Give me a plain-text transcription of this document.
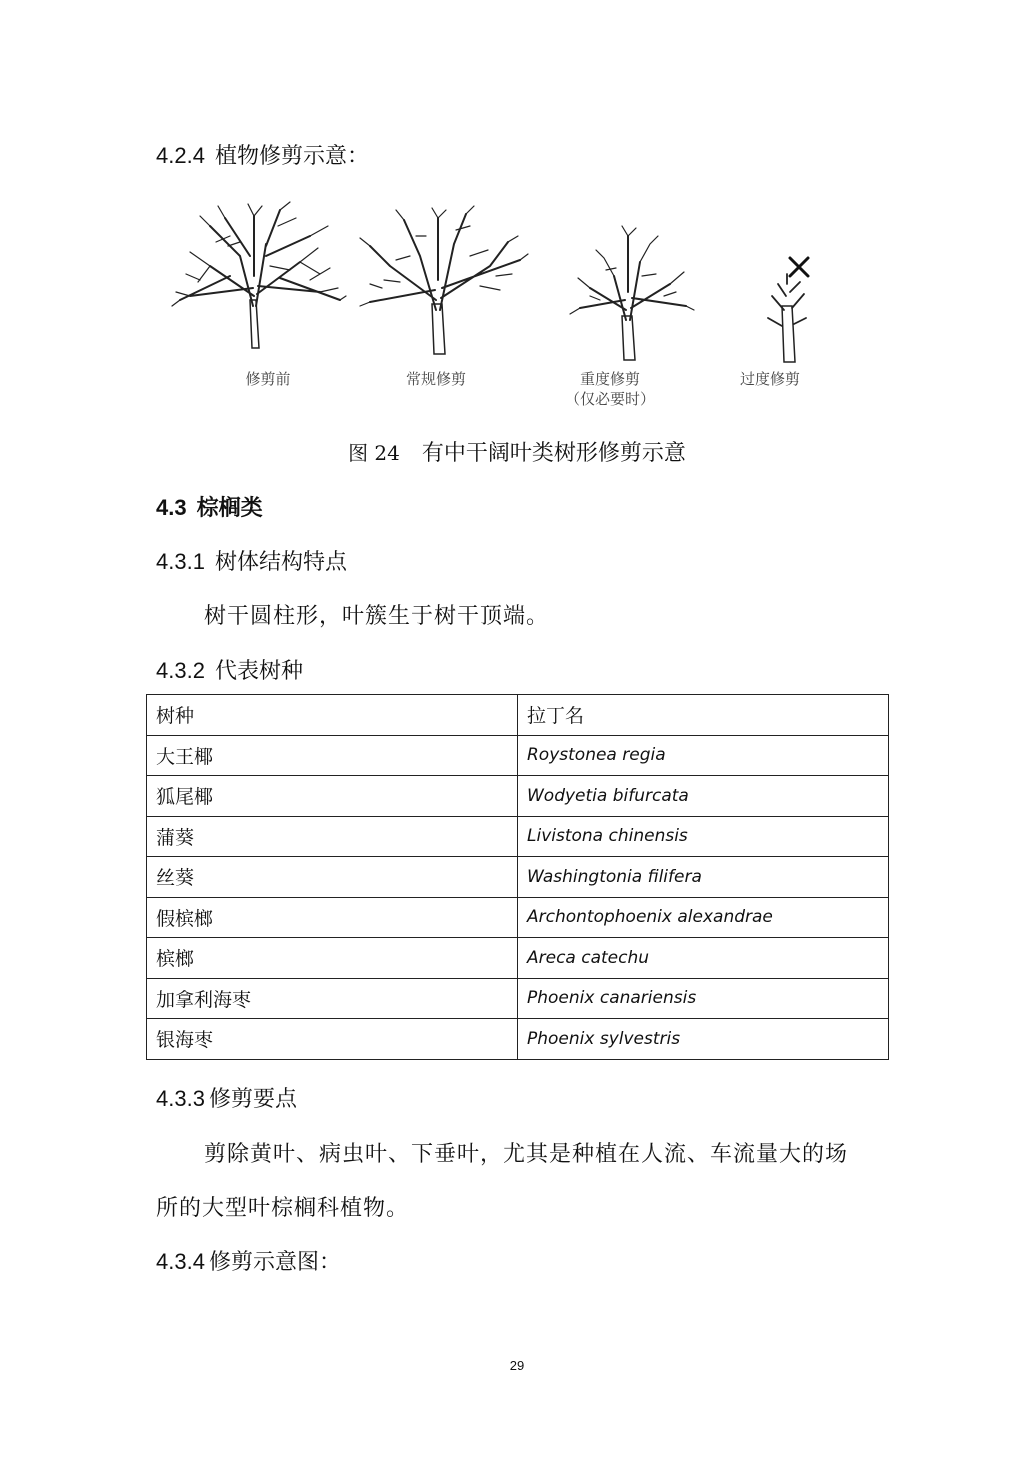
4.2.4 植物修剪示意：
修剪前	常规修剪	重度修剪
（仅必要时）
过度修剪
图 24 有中干阔叶类树形修剪示意
4.3 棕榈类
4.3.1 树体结构特点
树干圆柱形，叶簇生于树干顶端。
4.3.2 代表树种
树种	拉丁名
大王椰	Roystonea regia
狐尾椰	Wodyetia bifurcata
蒲葵	Livistona chinensis
丝葵	Washingtonia filifera
假槟榔	Archontophoenix alexandrae
槟榔	Areca catechu
加拿利海枣	Phoenix canariensis
银海枣	Phoenix sylvestris
4.3.3 修剪要点
剪除黄叶、病虫叶、下垂叶，尤其是种植在人流、车流量大的场
所的大型叶棕榈科植物。
4.3.4 修剪示意图：
29
